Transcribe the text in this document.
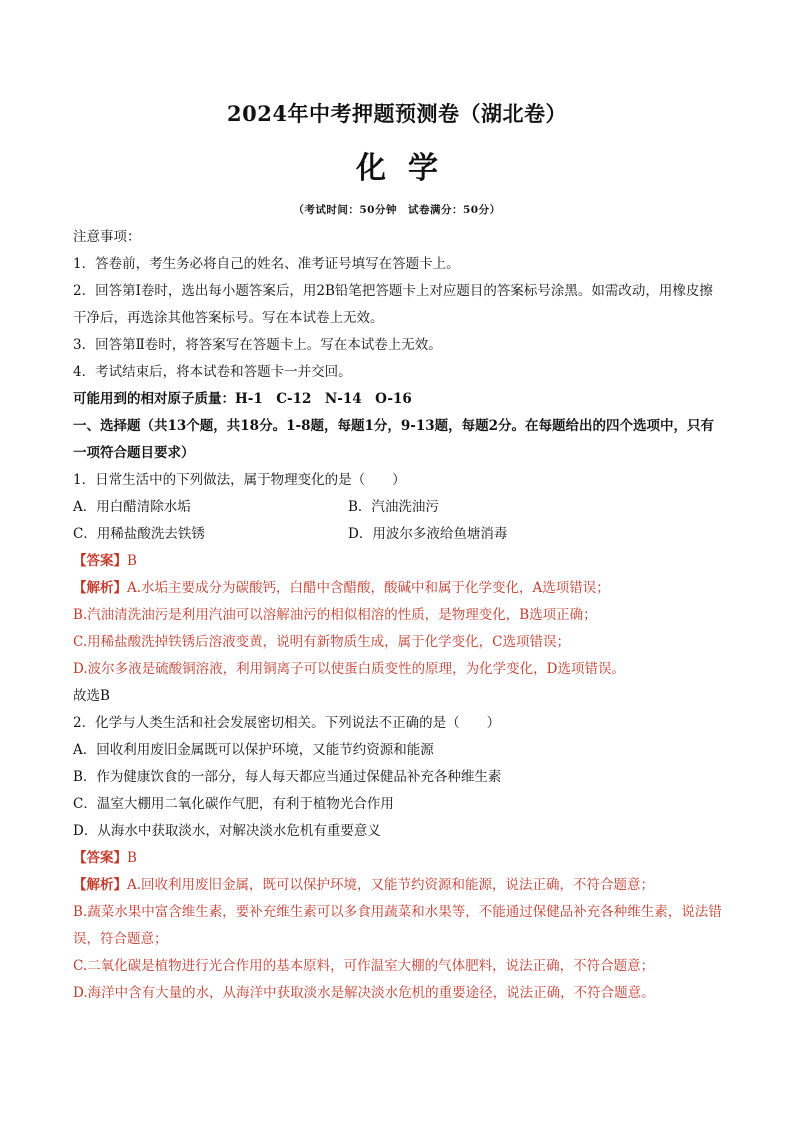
2024年中考押题预测卷（湖北卷）
化学
（考试时间：50分钟　试卷满分：50分）
注意事项：
1．答卷前，考生务必将自己的姓名、准考证号填写在答题卡上。
2．回答第Ⅰ卷时，选出每小题答案后，用2B铅笔把答题卡上对应题目的答案标号涂黑。如需改动，用橡皮擦干净后，再选涂其他答案标号。写在本试卷上无效。
3．回答第Ⅱ卷时，将答案写在答题卡上。写在本试卷上无效。
4．考试结束后，将本试卷和答题卡一并交回。
可能用到的相对原子质量：H-1　C-12　N-14　O-16
一、选择题（共13个题，共18分。1-8题，每题1分，9-13题，每题2分。在每题给出的四个选项中，只有一项符合题目要求）
1．日常生活中的下列做法，属于物理变化的是（　　）
A．用白醋清除水垢	B．汽油洗油污
C．用稀盐酸洗去铁锈	D．用波尔多液给鱼塘消毒
【答案】B
【解析】A.水垢主要成分为碳酸钙，白醋中含醋酸，酸碱中和属于化学变化，A选项错误；
B.汽油清洗油污是利用汽油可以溶解油污的相似相溶的性质，是物理变化，B选项正确；
C.用稀盐酸洗掉铁锈后溶液变黄，说明有新物质生成，属于化学变化，C选项错误；
D.波尔多液是硫酸铜溶液，利用铜离子可以使蛋白质变性的原理，为化学变化，D选项错误。
故选B
2．化学与人类生活和社会发展密切相关。下列说法不正确的是（　　）
A．回收利用废旧金属既可以保护环境，又能节约资源和能源
B．作为健康饮食的一部分，每人每天都应当通过保健品补充各种维生素
C．温室大棚用二氧化碳作气肥，有利于植物光合作用
D．从海水中获取淡水，对解决淡水危机有重要意义
【答案】B
【解析】A.回收利用废旧金属，既可以保护环境，又能节约资源和能源，说法正确，不符合题意；
B.蔬菜水果中富含维生素，要补充维生素可以多食用蔬菜和水果等，不能通过保健品补充各种维生素，说法错误，符合题意；
C.二氧化碳是植物进行光合作用的基本原料，可作温室大棚的气体肥料，说法正确，不符合题意；
D.海洋中含有大量的水，从海洋中获取淡水是解决淡水危机的重要途径，说法正确，不符合题意。
